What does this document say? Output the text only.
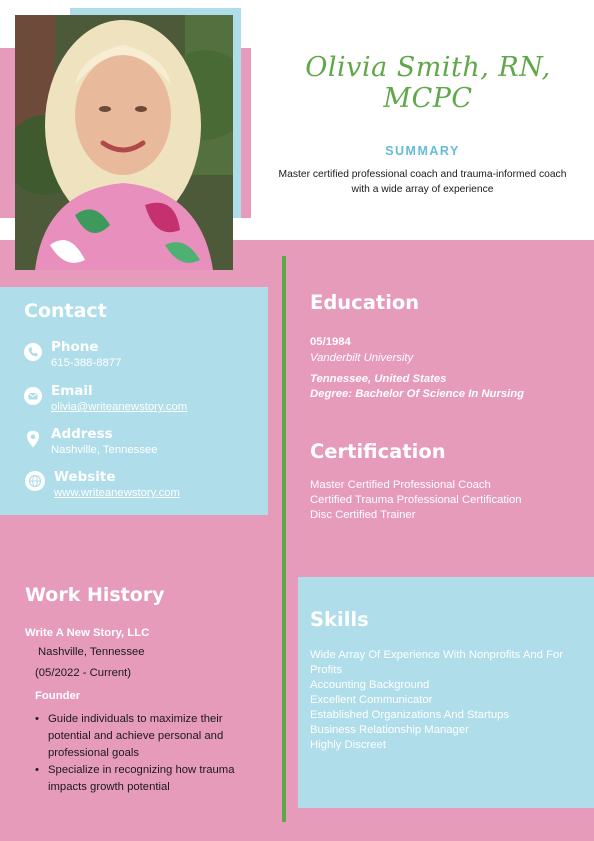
Olivia Smith, RN, MCPC
SUMMARY
Master certified professional coach and trauma-informed coach with a wide array of experience
Contact
Phone
615-388-8877
Email
olivia@writeanewstory.com
Address
Nashville, Tennessee
Website
www.writeanewstory.com
Education
05/1984
Vanderbilt University
Tennessee, United States
Degree: Bachelor Of Science In Nursing
Certification
Master Certified Professional Coach
Certified Trauma Professional Certification
Disc Certified Trainer
Work History
Write A New Story, LLC
Nashville, Tennessee
(05/2022 - Current)
Founder
• Guide individuals to maximize their potential and achieve personal and professional goals
• Specialize in recognizing how trauma impacts growth potential
Skills
Wide Array Of Experience With Nonprofits And For Profits
Accounting Background
Excellent Communicator
Established Organizations And Startups
Business Relationship Manager
Highly Discreet
